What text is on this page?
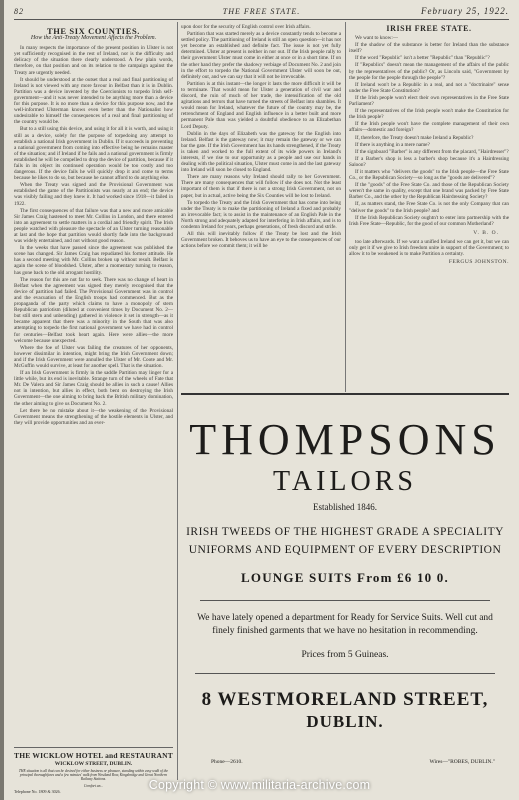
82	THE FREE STATE.	February 25, 1922.
THE SIX COUNTIES.
How the Anti-Treaty Movement Affects the Problem.

In many respects the importance of the present position in Ulster is not yet sufficiently recognised in the rest of Ireland, nor is the difficulty and delicacy of the situation there clearly understood. A few plain words, therefore, on that position and on its relation to the campaign against the Treaty are urgently needed.

It should be understood at the outset that a real and final partitioning of Ireland is not viewed with any more favour in Belfast than it is in Dublin. Partition was a device invented by the Coercionists to torpedo Irish self-government—and it was never intended to be anything more than a device for this purpose. It is no more than a device for this purpose now, and the well-informed Ulsterman knows even better than the Nationalist how undesirable to himself the consequences of a real and final partitioning of the country would be.

But to a still using this device, and using it for all it is worth, and using it still as a device, solely for the purpose of torpedoing any attempt to establish a national Irish government in Dublin. If it succeeds in preventing a national government from coming into effective being he remains master of the situation; and if Ireland if he fails and a national government is firmly established he will be compelled to drop the device of partition, because if it fails in its object its continued operation would be too costly and too dangerous. If the device fails he will quickly drop it and come to terms because he likes to do so, but because he cannot afford to do anything else.

When the Treaty was signed and the Provisional Government was established the game of the Partitionists was nearly at an end; the device was visibly failing and they knew it. It had worked since 1918—it failed in 1922.

The first consequences of that failure was that a new and more amicable Sir James Craig hastened to meet Mr. Collins in London, and there entered into an agreement to settle matters in a cordial and friendly spirit. The Irish people watched with pleasure the spectacle of an Ulster turning reasonable at last and the hope that partition would shortly fade into the background was widely entertained, and not without good reason.

In the weeks that have passed since the agreement was published the scene has changed. Sir James Craig has repudiated his former attitude. He has a second meeting with Mr. Collins broken up without result. Belfast is again the scene of bloodshed. Ulster, after a momentary turning to reason, has gone back to the old arrogant hostility.

The reason for this are not far to seek. There was no change of heart in Belfast when the agreement was signed they merely recognised that the device of partition had failed. The Provisional Government was in control and the evacuation of the English troops had commenced. But as the propaganda of the party which claims to have a monopoly of stern Republican patriotism (diluted at convenient times by Document No. 2—but still stern and unbending) gathered in violence it set in strength—as it became apparent that there was a minority in the South that was also attempting to torpedo the first national government we have had in control for centuries—Belfast took heart again. Here were allies—the more welcome because unexpected.

Where the foe of Ulster was failing the creatures of her opponents, however dissimilar in intention, might bring the Irish Government down; and if the Irish Government were annulled the Ulster of Mr. Coote and Mr. McGuffin would survive, at least for another spell. That is the situation.

If an Irish Government is firmly in the saddle Partition may linger for a little while, but its end is inevitable. Strange turn of the wheels of Fate that Mr. De Valera and Sir James Craig should be allies in such a cause! Allies not in intention, but allies in effect, both bent on destroying the Irish Government—the one aiming to bring back the British military domination, the other aiming to give us Document No. 2.

Let there be no mistake about it—the weakening of the Provisional Government means the strengthening of the hostile elements in Ulster, and they will provide opportunities and an ever-

THE WICKLOW HOTEL and RESTAURANT
WICKLOW STREET, DUBLIN.
THE situation is all that can be desired for either business or pleasure, standing within easy walk of the principal thoroughfares and a few minutes' walk from Westland Row, Kingsbridge and Great Northern Railway Stations.
Comfort an...
Telephone No. 1809 & 3026.

upon door for the security of English control over Irish affairs.

Partition that was started merely as a device constantly tends to become a settled policy. The partitioning of Ireland is still an open question—it has not yet become an established and definite fact. The issue is not yet fully determined. Ulster at present is neither in nor out. If the Irish people rally to their government Ulster must come in either at once or in a short time. If on the other hand they prefer the shadowy verbiage of Document No. 2 and join in the effort to torpedo the National Government Ulster will soon be out, definitely out, and we can say that it will not be irrevocable.

Partition is at this instant—the longer it lasts the more difficult it will be to terminate. That would mean for Ulster a generation of civil war and discord, the ruin of much of her trade, the intensification of the old agitations and terrors that have turned the streets of Belfast into shambles. It would mean for Ireland, whatever the future of the country may be, the retrenchment of England and English influence in a better built and more permanent Pale than was yielded a doubtful obedience to an Elizabethan Lord Deputy.

Dublin in the days of Elizabeth was the gateway for the English into Ireland. Belfast is the gateway now; it may remain the gateway or we can bar the gate. If the Irish Government has its hands strengthened, if the Treaty is taken and worked to the full extent of its wide powers in Ireland's interests, if we rise to our opportunity as a people and use our hands in dealing with the political situation, Ulster must come in and the last gateway into Ireland will soon be closed to England.

There are many reasons why Ireland should rally to her Government. There are many consequences that will follow if she does not. Not the least important of them is that if there is not a strong Irish Government, not on paper, but in actual, active being the Six Counties will be lost to Ireland.

To torpedo the Treaty and the Irish Government that has come into being under the Treaty is to make the partitioning of Ireland a fixed and probably an irrevocable fact; is to assist in the maintenance of an English Pale in the North strong and adequately adapted for interfering in Irish affairs, and is to condemn Ireland for years, perhaps generations, of fresh discord and strife.

All this will inevitably follow if the Treaty be lost and the Irish Government broken. It behoves us to have an eye to the consequences of our actions before we commit them; it will be

IRISH FREE STATE.

We want to know:—

If the shadow of the substance is better for Ireland than the substance itself?

If the word "Republic" isn't a better "Republic" than "Republic"?

If "Republics" doesn't mean the management of the affairs of the public by the representatives of the public? Or, as Lincoln said, "Government by the people for the people through the people"?

If Ireland won't be a Republic in a real, and not a "doctrinaire" sense under the Free State Constitution?

If the Irish people won't elect their own representatives in the Free State Parliament?

If the representatives of the Irish people won't make the Constitution for the Irish people?

If the Irish people won't have the complete management of their own affairs—domestic and foreign?

If, therefore, the Treaty doesn't make Ireland a Republic?

If there is anything in a mere name?

If the signboard "Barber" is any different from the placard, "Hairdresser"?

If a Barber's shop is less a barber's shop because it's a Hairdressing Saloon?

If it matters who "delivers the goods" to the Irish people—the Free State Co., or the Republican Society—so long as the "goods are delivered"?

If the "goods" of the Free State Co. and those of the Republican Society weren't the same in quality, except that one brand was packed by Free State Barber Co., and the other by the Republican Hairdressing Society?

If, as matters stand, the Free State Co. is not the only Company that can "deliver the goods" to the Irish people? and

If the Irish Republican Society oughtn't to enter into partnership with the Irish Free State—Republic, for the good of our common Motherland?

V. B. O.

too late afterwards. If we want a unified Ireland we can get it, but we can only get it if we give to Irish freedom unite in support of the Government; to allow it to be weakened is to make Partition a certainty.

FERGUS JOHNSTON.
THOMPSONS
TAILORS
Established 1846.
IRISH TWEEDS OF THE HIGHEST GRADE A SPECIALITY
UNIFORMS AND EQUIPMENT OF EVERY DESCRIPTION
LOUNGE SUITS From £6 10 0.
We have lately opened a department for Ready for Service Suits. Well cut and finely finished garments that we have no hesitation in recommending.
Prices from 5 Guineas.
8 WESTMORELAND STREET,
DUBLIN.
Phone—2610.	Wires—"ROBES, DUBLIN."
Copyright © www.militaria-archive.com
